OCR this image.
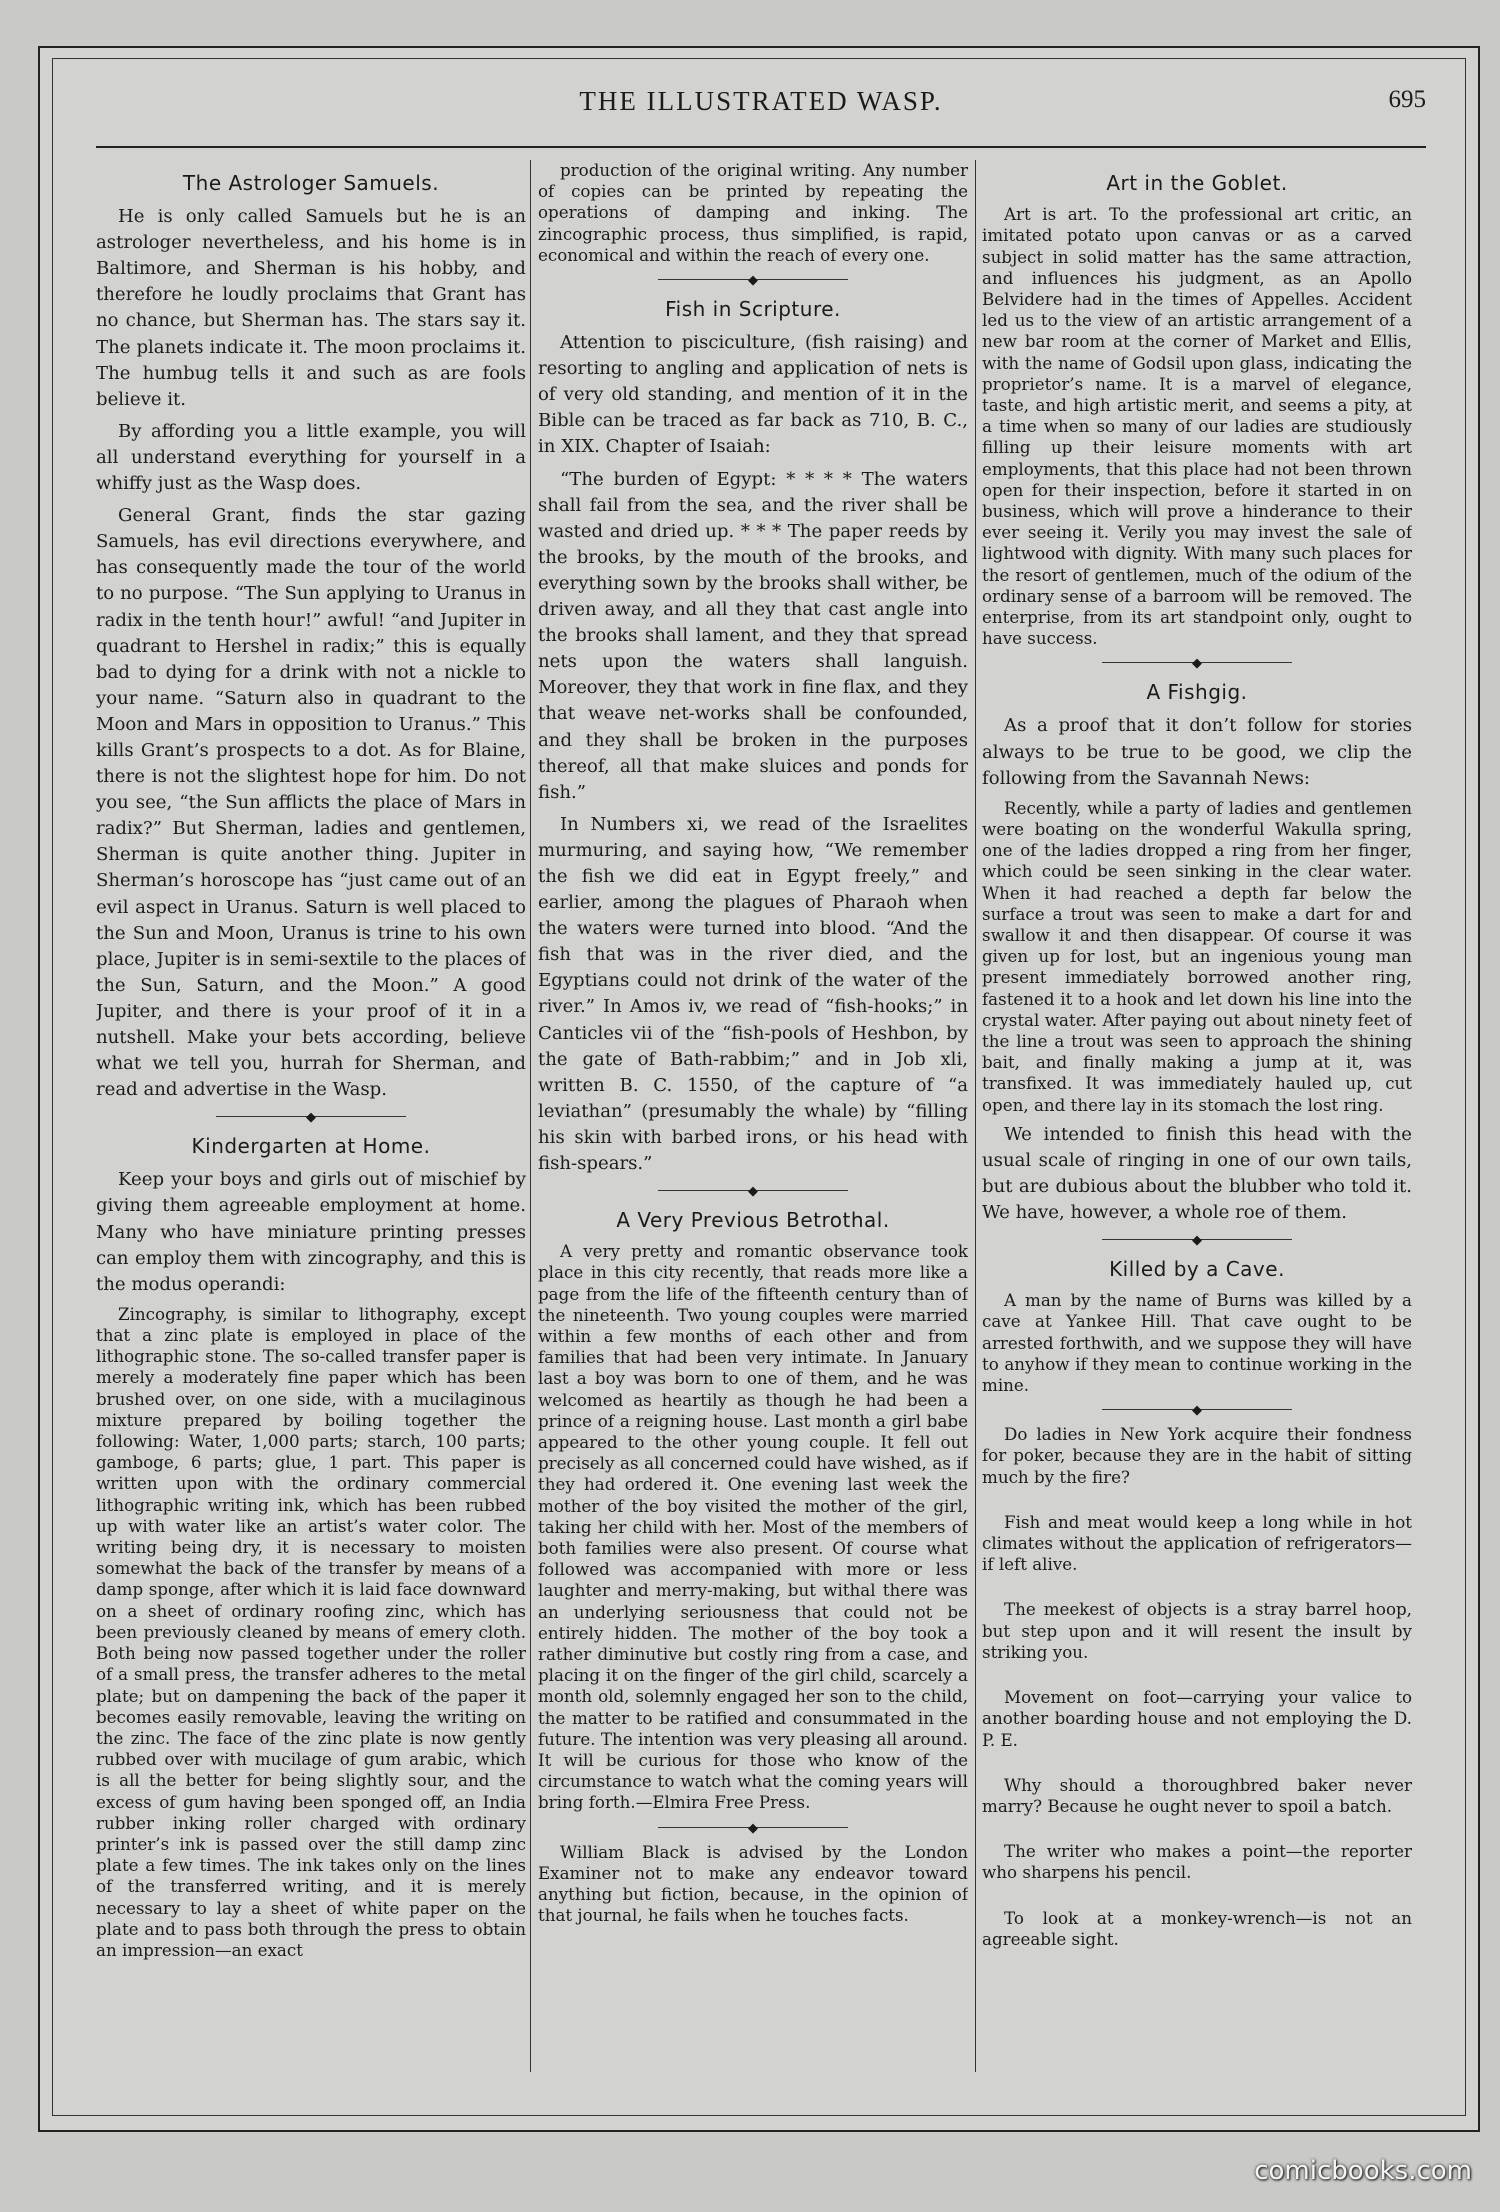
THE ILLUSTRATED WASP.	695
The Astrologer Samuels.

He is only called Samuels but he is an astrologer nevertheless, and his home is in Baltimore, and Sherman is his hobby, and therefore he loudly proclaims that Grant has no chance, but Sherman has. The stars say it. The planets indicate it. The moon proclaims it. The humbug tells it and such as are fools believe it.

By affording you a little example, you will all understand everything for yourself in a whiffy just as the Wasp does.

General Grant, finds the star gazing Samuels, has evil directions everywhere, and has consequently made the tour of the world to no purpose. “The Sun applying to Uranus in radix in the tenth hour!” awful! “and Jupiter in quadrant to Hershel in radix;” this is equally bad to dying for a drink with not a nickle to your name. “Saturn also in quadrant to the Moon and Mars in opposition to Uranus.” This kills Grant’s prospects to a dot. As for Blaine, there is not the slightest hope for him. Do not you see, “the Sun afflicts the place of Mars in radix?” But Sherman, ladies and gentlemen, Sherman is quite another thing. Jupiter in Sherman’s horoscope has “just came out of an evil aspect in Uranus. Saturn is well placed to the Sun and Moon, Uranus is trine to his own place, Jupiter is in semi-sextile to the places of the Sun, Saturn, and the Moon.” A good Jupiter, and there is your proof of it in a nutshell. Make your bets according, believe what we tell you, hurrah for Sherman, and read and advertise in the Wasp.

◆
Kindergarten at Home.

Keep your boys and girls out of mischief by giving them agreeable employment at home. Many who have miniature printing presses can employ them with zincography, and this is the modus operandi:

Zincography, is similar to lithography, except that a zinc plate is employed in place of the lithographic stone. The so-called transfer paper is merely a moderately fine paper which has been brushed over, on one side, with a mucilaginous mixture prepared by boiling together the following: Water, 1,000 parts; starch, 100 parts; gamboge, 6 parts; glue, 1 part. This paper is written upon with the ordinary commercial lithographic writing ink, which has been rubbed up with water like an artist’s water color. The writing being dry, it is necessary to moisten somewhat the back of the transfer by means of a damp sponge, after which it is laid face downward on a sheet of ordinary roofing zinc, which has been previously cleaned by means of emery cloth. Both being now passed together under the roller of a small press, the transfer adheres to the metal plate; but on dampening the back of the paper it becomes easily removable, leaving the writing on the zinc. The face of the zinc plate is now gently rubbed over with mucilage of gum arabic, which is all the better for being slightly sour, and the excess of gum having been sponged off, an India rubber inking roller charged with ordinary printer’s ink is passed over the still damp zinc plate a few times. The ink takes only on the lines of the transferred writing, and it is merely necessary to lay a sheet of white paper on the plate and to pass both through the press to obtain an impression—an exact

production of the original writing. Any number of copies can be printed by repeating the operations of damping and inking. The zincographic process, thus simplified, is rapid, economical and within the reach of every one.

◆
Fish in Scripture.

Attention to pisciculture, (fish raising) and resorting to angling and application of nets is of very old standing, and mention of it in the Bible can be traced as far back as 710, B. C., in XIX. Chapter of Isaiah:

“The burden of Egypt: * * * * The waters shall fail from the sea, and the river shall be wasted and dried up. * * * The paper reeds by the brooks, by the mouth of the brooks, and everything sown by the brooks shall wither, be driven away, and all they that cast angle into the brooks shall lament, and they that spread nets upon the waters shall languish. Moreover, they that work in fine flax, and they that weave net-works shall be confounded, and they shall be broken in the purposes thereof, all that make sluices and ponds for fish.”

In Numbers xi, we read of the Israelites murmuring, and saying how, “We remember the fish we did eat in Egypt freely,” and earlier, among the plagues of Pharaoh when the waters were turned into blood. “And the fish that was in the river died, and the Egyptians could not drink of the water of the river.” In Amos iv, we read of “fish-hooks;” in Canticles vii of the “fish-pools of Heshbon, by the gate of Bath-rabbim;” and in Job xli, written B. C. 1550, of the capture of “a leviathan” (presumably the whale) by “filling his skin with barbed irons, or his head with fish-spears.”

◆
A Very Previous Betrothal.

A very pretty and romantic observance took place in this city recently, that reads more like a page from the life of the fifteenth century than of the nineteenth. Two young couples were married within a few months of each other and from families that had been very intimate. In January last a boy was born to one of them, and he was welcomed as heartily as though he had been a prince of a reigning house. Last month a girl babe appeared to the other young couple. It fell out precisely as all concerned could have wished, as if they had ordered it. One evening last week the mother of the boy visited the mother of the girl, taking her child with her. Most of the members of both families were also present. Of course what followed was accompanied with more or less laughter and merry-making, but withal there was an underlying seriousness that could not be entirely hidden. The mother of the boy took a rather diminutive but costly ring from a case, and placing it on the finger of the girl child, scarcely a month old, solemnly engaged her son to the child, the matter to be ratified and consummated in the future. The intention was very pleasing all around. It will be curious for those who know of the circumstance to watch what the coming years will bring forth.—Elmira Free Press.

◆

William Black is advised by the London Examiner not to make any endeavor toward anything but fiction, because, in the opinion of that journal, he fails when he touches facts.

Art in the Goblet.

Art is art. To the professional art critic, an imitated potato upon canvas or as a carved subject in solid matter has the same attraction, and influences his judgment, as an Apollo Belvidere had in the times of Appelles. Accident led us to the view of an artistic arrangement of a new bar room at the corner of Market and Ellis, with the name of Godsil upon glass, indicating the proprietor’s name. It is a marvel of elegance, taste, and high artistic merit, and seems a pity, at a time when so many of our ladies are studiously filling up their leisure moments with art employments, that this place had not been thrown open for their inspection, before it started in on business, which will prove a hinderance to their ever seeing it. Verily you may invest the sale of lightwood with dignity. With many such places for the resort of gentlemen, much of the odium of the ordinary sense of a barroom will be removed. The enterprise, from its art standpoint only, ought to have success.

◆
A Fishgig.

As a proof that it don’t follow for stories always to be true to be good, we clip the following from the Savannah News:

Recently, while a party of ladies and gentlemen were boating on the wonderful Wakulla spring, one of the ladies dropped a ring from her finger, which could be seen sinking in the clear water. When it had reached a depth far below the surface a trout was seen to make a dart for and swallow it and then disappear. Of course it was given up for lost, but an ingenious young man present immediately borrowed another ring, fastened it to a hook and let down his line into the crystal water. After paying out about ninety feet of the line a trout was seen to approach the shining bait, and finally making a jump at it, was transfixed. It was immediately hauled up, cut open, and there lay in its stomach the lost ring.

We intended to finish this head with the usual scale of ringing in one of our own tails, but are dubious about the blubber who told it. We have, however, a whole roe of them.

◆
Killed by a Cave.

A man by the name of Burns was killed by a cave at Yankee Hill. That cave ought to be arrested forthwith, and we suppose they will have to anyhow if they mean to continue working in the mine.

◆

Do ladies in New York acquire their fondness for poker, because they are in the habit of sitting much by the fire?

Fish and meat would keep a long while in hot climates without the application of refrigerators—if left alive.

The meekest of objects is a stray barrel hoop, but step upon and it will resent the insult by striking you.

Movement on foot—carrying your valice to another boarding house and not employing the D. P. E.

Why should a thoroughbred baker never marry? Because he ought never to spoil a batch.

The writer who makes a point—the reporter who sharpens his pencil.

To look at a monkey-wrench—is not an agreeable sight.

comicbooks.com
